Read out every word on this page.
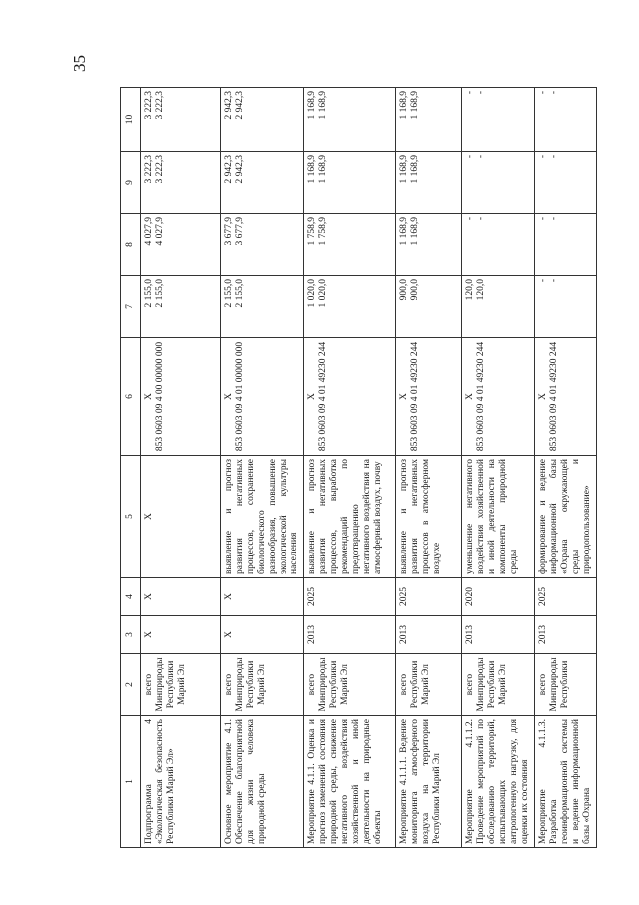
35
1	2	3	4	5	6	7	8	9	10
Подпрограмма 4 «Экологическая безопасность Республики Марий Эл»	всего Минприроды Республики Марий Эл	X	X	X	X 853 0603 09 4 00 00000 000	2 155,0 2 155,0	4 027,9 4 027,9	3 222,3 3 222,3	3 222,3 3 222,3

Основное мероприятие 4.1. Обеспечение благоприятной для жизни человека природной среды	всего Минприроды Республики Марий Эл	X	X	выявление и прогноз развития негативных процессов, сохранение биологического разнообразия, повышение экологической культуры населения	X 853 0603 09 4 01 00000 000	2 155,0 2 155,0	3 677,9 3 677,9	2 942,3 2 942,3	2 942,3 2 942,3

Мероприятие 4.1.1. Оценка и прогноз изменений состояния природной среды, снижение негативного воздействия хозяйственной и иной деятельности на природные объекты	всего Минприроды Республики Марий Эл	2013	2025	выявление и прогноз развития негативных процессов, выработка рекомендаций по предотвращению негативного воздействия на атмосферный воздух, почву	X 853 0603 09 4 01 49230 244	1 020,0 1 020,0	1 758,9 1 758,9	1 168,9 1 168,9	1 168,9 1 168,9

Мероприятие 4.1.1.1. Ведение мониторинга атмосферного воздуха на территории Республики Марий Эл	всего Республики Марий Эл	2013	2025	выявление и прогноз развития негативных процессов в атмосферном воздухе	X 853 0603 09 4 01 49230 244	900,0 900,0	1 168,9 1 168,9	1 168,9 1 168,9	1 168,9 1 168,9

Мероприятие 4.1.1.2. Проведение мероприятий по обследованию территорий, испытывающих антропогенную нагрузку, для оценки их состояния	всего Минприроды Республики Марий Эл	2013	2020	уменьшение негативного воздействия хозяйственной и иной деятельности на компоненты природной среды	X 853 0603 09 4 01 49230 244	120,0 120,0	- -	- -	- -

Мероприятие 4.1.1.3. Разработка геоинформационной системы и ведение информационной базы «Охрана	всего Минприроды Республики	2013	2025	формирование и ведение информационной базы «Охрана окружающей среды и природопользование»	X 853 0603 09 4 01 49230 244	- -	- -	- -	- -
